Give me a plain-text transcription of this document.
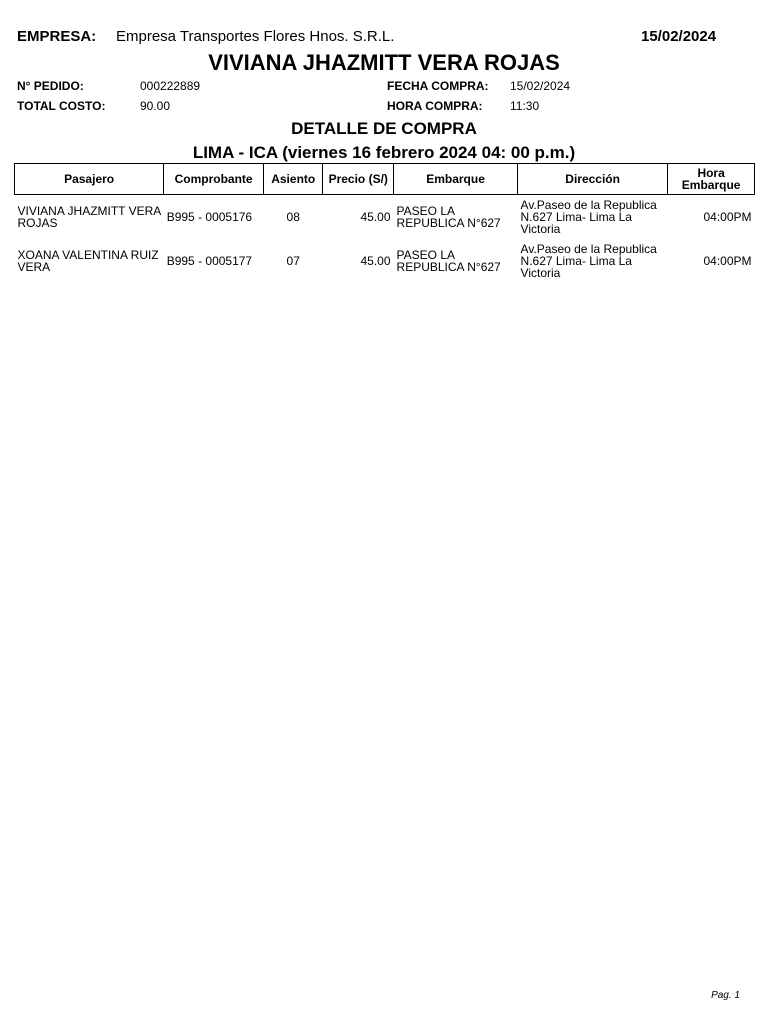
EMPRESA: Empresa Transportes Flores Hnos. S.R.L.	15/02/2024
VIVIANA JHAZMITT VERA ROJAS
N° PEDIDO:	000222889	FECHA COMPRA: 15/02/2024
TOTAL COSTO:	90.00	HORA COMPRA: 11:30
DETALLE DE COMPRA
LIMA - ICA (viernes 16 febrero 2024 04: 00 p.m.)
Pasajero	Comprobante	Asiento	Precio (S/)	Embarque	Dirección	Hora Embarque
VIVIANA JHAZMITT VERA ROJAS	B995 - 0005176	08	45.00	PASEO LA REPUBLICA N°627	Av.Paseo de la Republica N.627 Lima- Lima La Victoria	04:00PM
XOANA VALENTINA RUIZ VERA	B995 - 0005177	07	45.00	PASEO LA REPUBLICA N°627	Av.Paseo de la Republica N.627 Lima- Lima La Victoria	04:00PM
Pag. 1
